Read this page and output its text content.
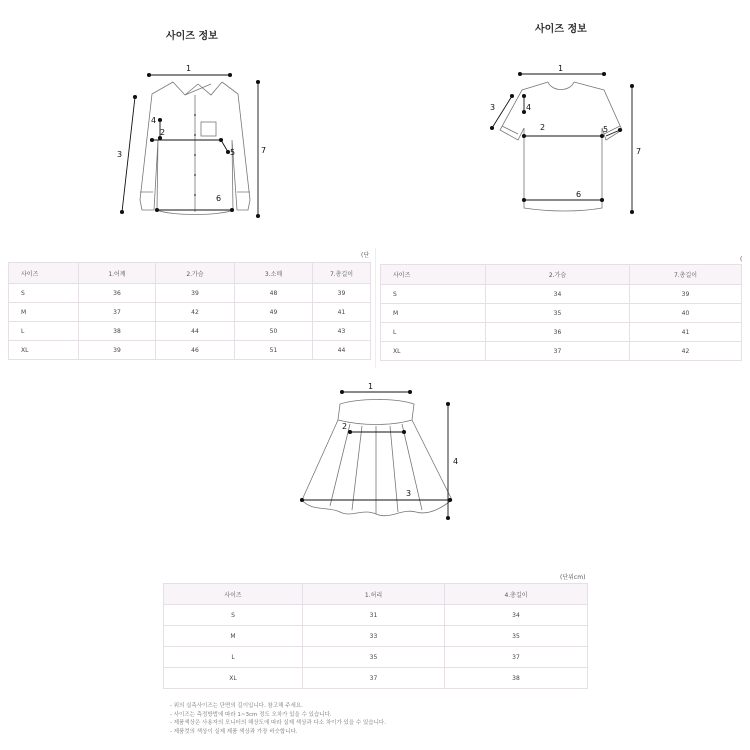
사이즈 정보
1
2
3
4
5
6
7
(단
사이즈	1.어깨	2.가슴	3.소매	7.총길이
S	36	39	48	39
M	37	42	49	41
L	38	44	50	43
XL	39	46	51	44
사이즈 정보
1
2
3	4
5
6
7
(
사이즈	2.가슴	7.총길이
S	34	39
M	35	40
L	36	41
XL	37	42
1
2
3
4
(단위cm)
사이즈	1.허리	4.총길이
S	31	34
M	33	35
L	35	37
XL	37	38
- 위의 실측사이즈는 단면의 길이입니다. 참고해 주세요.
- 사이즈는 측정방법에 따라 1~3cm 정도 오차가 있을 수 있습니다.
- 제품색상은 사용자의 모니터의 해상도에 따라 실제 색상과 다소 차이가 있을 수 있습니다.
- 제품컷의 색상이 실제 제품 색상과 가장 비슷합니다.
